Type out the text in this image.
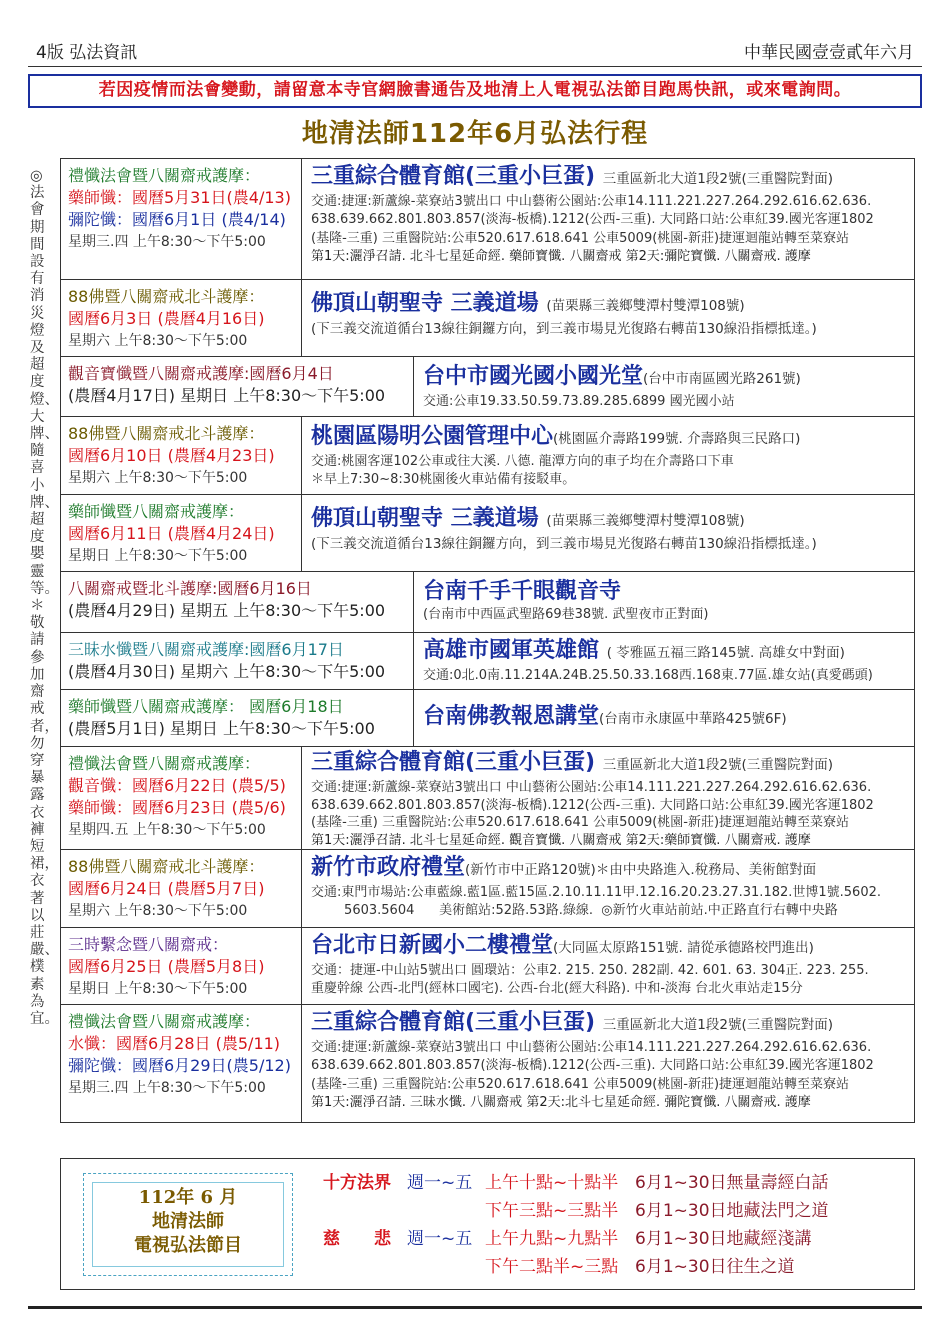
4版 弘法資訊	中華民國壹壹貳年六月
若因疫情而法會變動，請留意本寺官網臉書通告及地清上人電視弘法節目跑馬快訊，或來電詢問。
地清法師112年6月弘法行程
◎法會期間設有消災燈及超度燈、大牌、隨喜小牌、超度嬰靈等。＊敬請參加齋戒者，勿穿暴露衣褲短裙，衣著以莊嚴、樸素為宜。
禮懺法會暨八關齋戒護摩：
藥師懺：國曆5月31日(農4/13)
彌陀懺：國曆6月1日 (農4/14)
星期三.四 上午8:30～下午5:00
三重綜合體育館(三重小巨蛋) 三重區新北大道1段2號(三重醫院對面)
交通:捷運:新蘆線-菜寮站3號出口 中山藝術公園站:公車14.111.221.227.264.292.616.62.636.
638.639.662.801.803.857(淡海-板橋).1212(公西-三重). 大同路口站:公車紅39.國光客運1802
(基隆-三重) 三重醫院站:公車520.617.618.641 公車5009(桃園-新莊)捷運迴龍站轉至菜寮站
第1天:灑淨召請. 北斗七星延命經. 藥師寶懺. 八關齋戒 第2天:彌陀寶懺. 八關齋戒. 護摩
88佛暨八關齋戒北斗護摩：
國曆6月3日 (農曆4月16日)
星期六 上午8:30～下午5:00
佛頂山朝聖寺 三義道場 (苗栗縣三義鄉雙潭村雙潭108號)
(下三義交流道循台13線往銅鑼方向，到三義市場見光復路右轉苗130線沿指標抵達。)
觀音寶懺暨八關齋戒護摩:國曆6月4日
(農曆4月17日) 星期日 上午8:30～下午5:00
台中市國光國小國光堂(台中市南區國光路261號)
交通:公車19.33.50.59.73.89.285.6899 國光國小站
88佛暨八關齋戒北斗護摩：
國曆6月10日 (農曆4月23日)
星期六 上午8:30～下午5:00
桃園區陽明公園管理中心(桃園區介壽路199號. 介壽路與三民路口)
交通:桃園客運102公車或往大溪. 八德. 龍潭方向的車子均在介壽路口下車
＊早上7:30~8:30桃園後火車站備有接駁車。
藥師懺暨八關齋戒護摩：
國曆6月11日 (農曆4月24日)
星期日 上午8:30～下午5:00
佛頂山朝聖寺 三義道場 (苗栗縣三義鄉雙潭村雙潭108號)
(下三義交流道循台13線往銅鑼方向，到三義市場見光復路右轉苗130線沿指標抵達。)
八關齋戒暨北斗護摩:國曆6月16日
(農曆4月29日) 星期五 上午8:30～下午5:00
台南千手千眼觀音寺
(台南市中西區武聖路69巷38號. 武聖夜市正對面)
三昧水懺暨八關齋戒護摩:國曆6月17日
(農曆4月30日) 星期六 上午8:30～下午5:00
高雄市國軍英雄館 ( 苓雅區五福三路145號. 高雄女中對面)
交通:0北.0南.11.214A.24B.25.50.33.168西.168東.77區.雄女站(真愛碼頭)
藥師懺暨八關齋戒護摩： 國曆6月18日
(農曆5月1日) 星期日 上午8:30～下午5:00 台南佛教報恩講堂(台南市永康區中華路425號6F)
禮懺法會暨八關齋戒護摩：
觀音懺：國曆6月22日 (農5/5)
藥師懺：國曆6月23日 (農5/6)
星期四.五 上午8:30～下午5:00
三重綜合體育館(三重小巨蛋) 三重區新北大道1段2號(三重醫院對面)
交通:捷運:新蘆線-菜寮站3號出口 中山藝術公園站:公車14.111.221.227.264.292.616.62.636.
638.639.662.801.803.857(淡海-板橋).1212(公西-三重). 大同路口站:公車紅39.國光客運1802
(基隆-三重) 三重醫院站:公車520.617.618.641 公車5009(桃園-新莊)捷運迴龍站轉至菜寮站
第1天:灑淨召請. 北斗七星延命經. 觀音寶懺. 八關齋戒 第2天:藥師寶懺. 八關齋戒. 護摩
88佛暨八關齋戒北斗護摩：
國曆6月24日 (農曆5月7日)
星期六 上午8:30～下午5:00
新竹市政府禮堂(新竹市中正路120號)＊由中央路進入.稅務局、美術館對面
交通:東門市場站:公車藍線.藍1區.藍15區.2.10.11.11甲.12.16.20.23.27.31.182.世博1號.5602.
5603.5604      美術館站:52路.53路.綠線.  ◎新竹火車站前站.中正路直行右轉中央路
三時繫念暨八關齋戒：
國曆6月25日 (農曆5月8日)
星期日 上午8:30～下午5:00
台北市日新國小二樓禮堂(大同區太原路151號. 請從承德路校門進出)
交通：捷運-中山站5號出口 圓環站：公車2. 215. 250. 282副. 42. 601. 63. 304正. 223. 255.
重慶幹線 公西-北門(經林口國宅). 公西-台北(經大科路). 中和-淡海 台北火車站走15分
禮懺法會暨八關齋戒護摩：
水懺：國曆6月28日 (農5/11)
彌陀懺：國曆6月29日(農5/12)
星期三.四 上午8:30～下午5:00
三重綜合體育館(三重小巨蛋) 三重區新北大道1段2號(三重醫院對面)
交通:捷運:新蘆線-菜寮站3號出口 中山藝術公園站:公車14.111.221.227.264.292.616.62.636.
638.639.662.801.803.857(淡海-板橋).1212(公西-三重). 大同路口站:公車紅39.國光客運1802
(基隆-三重) 三重醫院站:公車520.617.618.641 公車5009(桃園-新莊)捷運迴龍站轉至菜寮站
第1天:灑淨召請. 三昧水懺. 八關齋戒 第2天:北斗七星延命經. 彌陀寶懺. 八關齋戒. 護摩
112年 6 月
地清法師
電視弘法節目
十方法界 週一~五 上午十點~十點半 6月1~30日無量壽經白話
下午三點~三點半 6月1~30日地藏法門之道
慈　　悲 週一~五 上午九點~九點半 6月1~30日地藏經淺講
下午二點半~三點 6月1~30日往生之道
